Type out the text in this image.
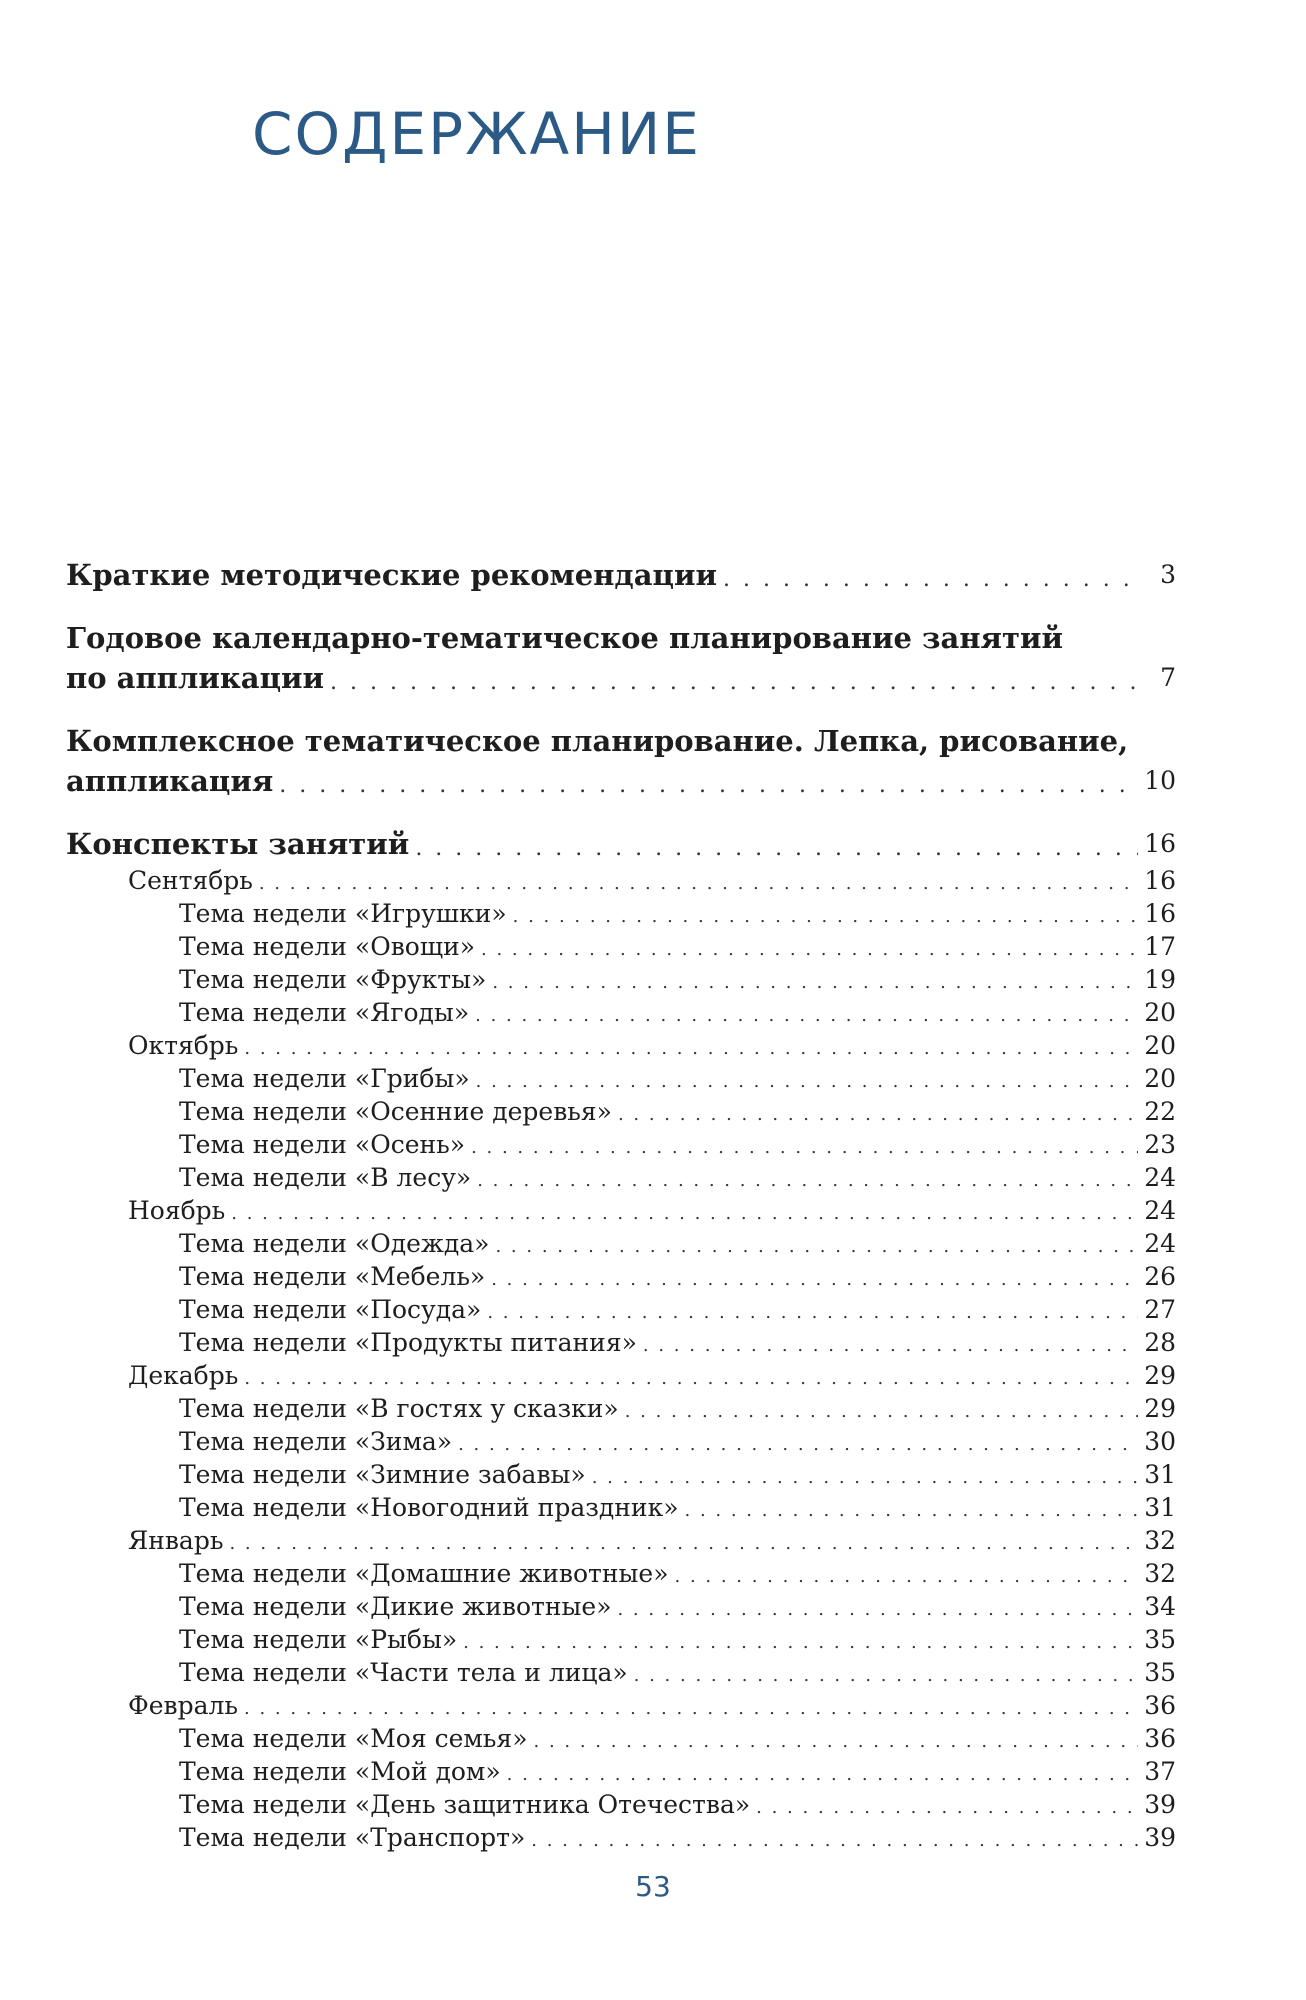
СОДЕРЖАНИЕ
Краткие методические рекомендации . . .	3
Годовое календарно-тематическое планирование занятий
по аппликации . . .	7
Комплексное тематическое планирование. Лепка, рисование,
аппликация . . .	10
Конспекты занятий . . .	16
Сентябрь . . .	16
Тема недели «Игрушки» . . .	16
Тема недели «Овощи» . . .	17
Тема недели «Фрукты» . . .	19
Тема недели «Ягоды» . . .	20
Октябрь . . .	20
Тема недели «Грибы» . . .	20
Тема недели «Осенние деревья» . . .	22
Тема недели «Осень» . . .	23
Тема недели «В лесу» . . .	24
Ноябрь . . .	24
Тема недели «Одежда» . . .	24
Тема недели «Мебель» . . .	26
Тема недели «Посуда» . . .	27
Тема недели «Продукты питания» . . .	28
Декабрь . . .	29
Тема недели «В гостях у сказки» . . .	29
Тема недели «Зима» . . .	30
Тема недели «Зимние забавы» . . .	31
Тема недели «Новогодний праздник» . . .	31
Январь . . .	32
Тема недели «Домашние животные» . . .	32
Тема недели «Дикие животные» . . .	34
Тема недели «Рыбы» . . .	35
Тема недели «Части тела и лица» . . .	35
Февраль . . .	36
Тема недели «Моя семья» . . .	36
Тема недели «Мой дом» . . .	37
Тема недели «День защитника Отечества» . . .	39
Тема недели «Транспорт» . . .	39
53
